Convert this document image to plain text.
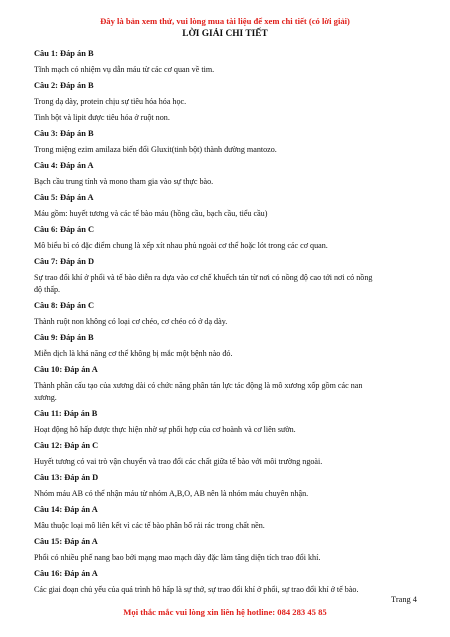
Đây là bản xem thử, vui lòng mua tài liệu để xem chi tiết (có lời giải)
LỜI GIẢI CHI TIẾT
Câu 1: Đáp án B
Tĩnh mạch có nhiệm vụ dẫn máu từ các cơ quan về tim.
Câu 2: Đáp án B
Trong dạ dày, protein chịu sự tiêu hóa hóa học.
Tinh bột và lipit được tiêu hóa ở ruột non.
Câu 3: Đáp án B
Trong miệng ezim amilaza biến đổi Gluxit(tinh bột) thành đường mantozo.
Câu 4: Đáp án A
Bạch cầu trung tính và mono tham gia vào sự thực bào.
Câu 5: Đáp án A
Máu gồm: huyết tương và các tế bào máu (hồng cầu, bạch cầu, tiểu cầu)
Câu 6: Đáp án C
Mô biểu bì có đặc điểm chung là xếp xít nhau phủ ngoài cơ thể hoặc lót trong các cơ quan.
Câu 7: Đáp án D
Sự trao đổi khí ở phổi và tế bào diễn ra dựa vào cơ chế khuếch tán từ nơi có nồng độ cao tới nơi có nồng
độ thấp.
Câu 8: Đáp án C
Thành ruột non không có loại cơ chéo, cơ chéo có ở dạ dày.
Câu 9: Đáp án B
Miễn dịch là khả năng cơ thể không bị mắc một bệnh nào đó.
Câu 10: Đáp án A
Thành phần cấu tạo của xương dài có chức năng phân tán lực tác động là mô xương xốp gồm các nan
xương.
Câu 11: Đáp án B
Hoạt động hô hấp được thực hiện nhờ sự phối hợp của cơ hoành và cơ liên sườn.
Câu 12: Đáp án C
Huyết tương có vai trò vận chuyển và trao đổi các chất giữa tế bào với môi trường ngoài.
Câu 13: Đáp án D
Nhóm máu AB có thể nhận máu từ nhóm A,B,O, AB nên là nhóm máu chuyên nhận.
Câu 14: Đáp án A
Mâu thuộc loại mô liên kết vì các tế bào phân bố rải rác trong chất nền.
Câu 15: Đáp án A
Phổi có nhiều phế nang bao bởi mạng mao mạch dày đặc làm tăng diện tích trao đổi khí.
Câu 16: Đáp án A
Các giai đoạn chủ yếu của quá trình hô hấp là sự thở, sự trao đổi khí ở phổi, sự trao đổi khí ở tế bào.
Trang 4
Mọi thắc mắc vui lòng xin liên hệ hotline: 084 283 45 85
